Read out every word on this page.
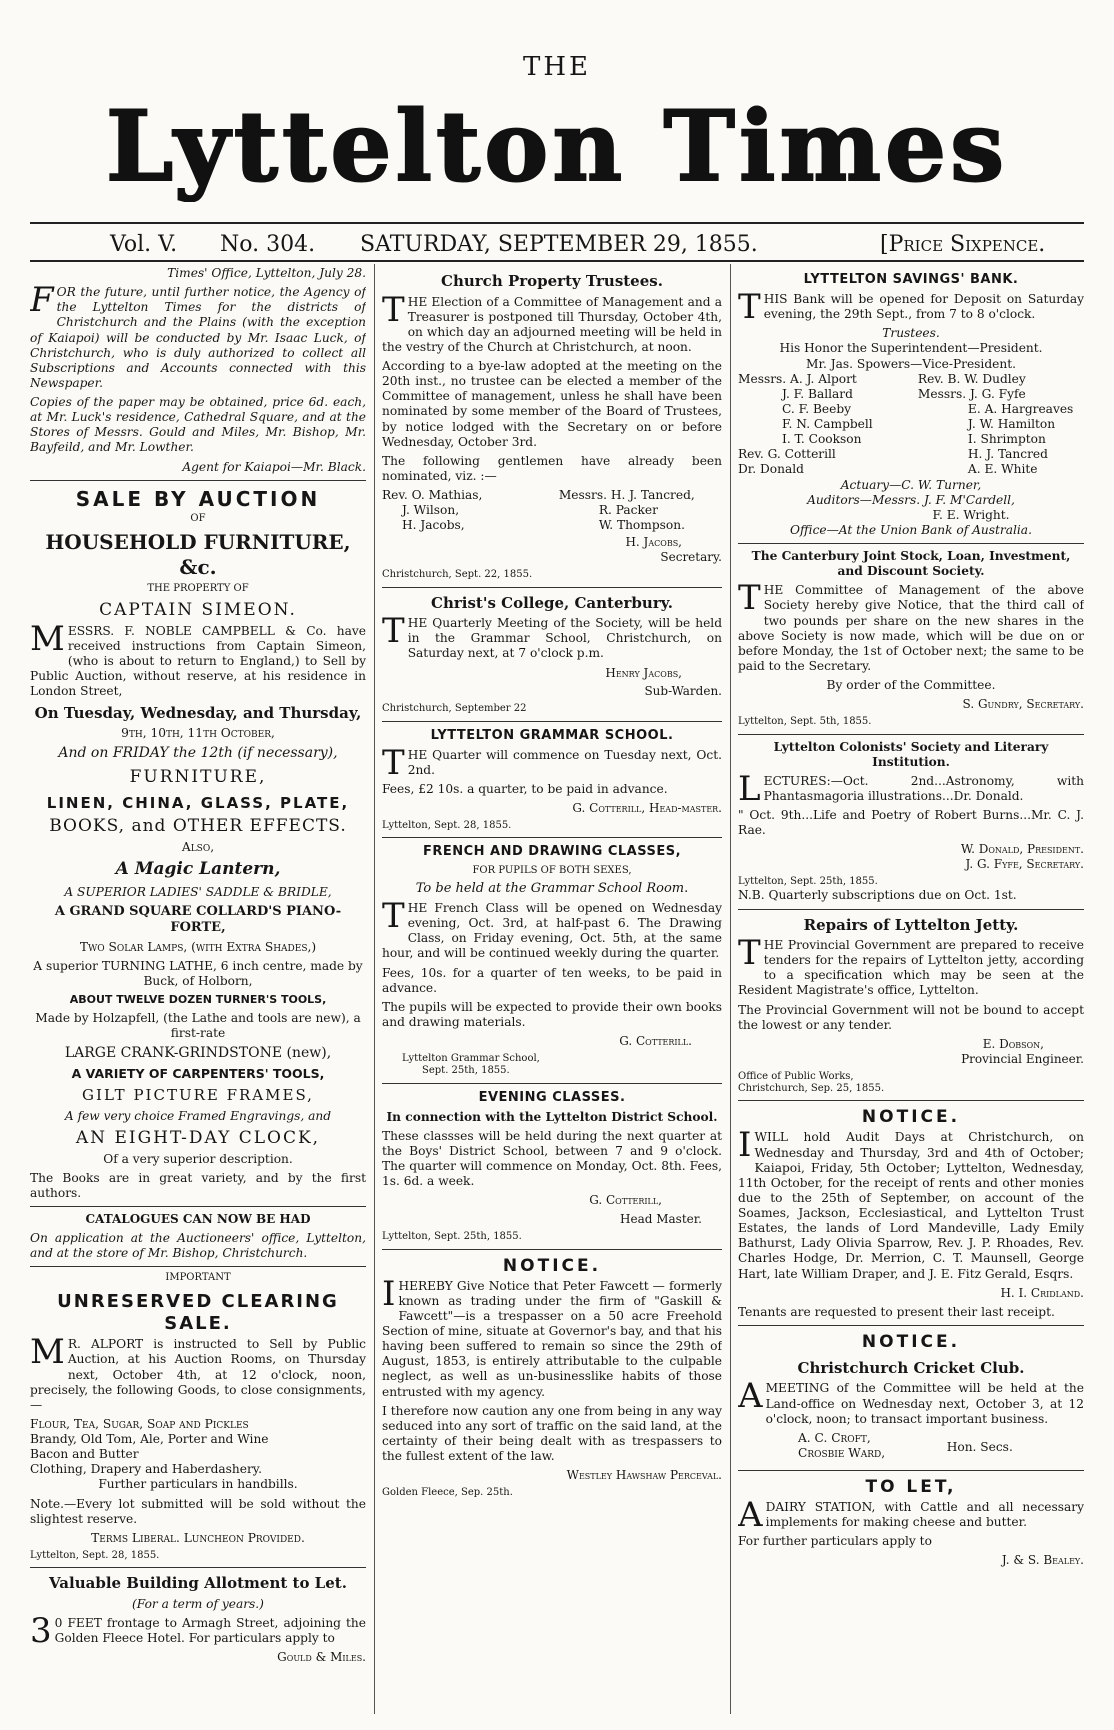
THE
Lyttelton Times
Vol. V. No. 304. SATURDAY, SEPTEMBER 29, 1855.	[Price Sixpence.

Times' Office, Lyttelton, July 28.

FOR the future, until further notice, the Agency of the Lyttelton Times for the districts of Christchurch and the Plains (with the exception of Kaiapoi) will be conducted by Mr. Isaac Luck, of Christchurch, who is duly authorized to collect all Subscriptions and Accounts connected with this Newspaper.

Copies of the paper may be obtained, price 6d. each, at Mr. Luck's residence, Cathedral Square, and at the Stores of Messrs. Gould and Miles, Mr. Bishop, Mr. Bayfeild, and Mr. Lowther.

Agent for Kaiapoi—Mr. Black.

SALE BY AUCTION

OF

HOUSEHOLD FURNITURE, &c.

THE PROPERTY OF

CAPTAIN SIMEON.

MESSRS. F. NOBLE CAMPBELL & Co. have received instructions from Captain Simeon, (who is about to return to England,) to Sell by Public Auction, without reserve, at his residence in London Street,

On Tuesday, Wednesday, and Thursday,

9th, 10th, 11th October,

And on FRIDAY the 12th (if necessary),

FURNITURE,
LINEN, CHINA, GLASS, PLATE,
BOOKS, and OTHER EFFECTS.

Also,

A Magic Lantern,

A SUPERIOR LADIES' SADDLE & BRIDLE,

A GRAND SQUARE COLLARD'S PIANO-FORTE,

Two Solar Lamps, (with Extra Shades,)

A superior TURNING LATHE, 6 inch centre, made by Buck, of Holborn,

ABOUT TWELVE DOZEN TURNER'S TOOLS,

Made by Holzapfell, (the Lathe and tools are new), a first-rate

LARGE CRANK-GRINDSTONE (new),

A VARIETY OF CARPENTERS' TOOLS,

GILT PICTURE FRAMES,

A few very choice Framed Engravings, and

AN EIGHT-DAY CLOCK,

Of a very superior description.

The Books are in great variety, and by the first authors.

CATALOGUES CAN NOW BE HAD

On application at the Auctioneers' office, Lyttelton, and at the store of Mr. Bishop, Christchurch.

IMPORTANT

UNRESERVED CLEARING SALE.

MR. ALPORT is instructed to Sell by Public Auction, at his Auction Rooms, on Thursday next, October 4th, at 12 o'clock, noon, precisely, the following Goods, to close consignments,—

Flour, Tea, Sugar, Soap and Pickles

Brandy, Old Tom, Ale, Porter and Wine

Bacon and Butter

Clothing, Drapery and Haberdashery.

Further particulars in handbills.

Note.—Every lot submitted will be sold without the slightest reserve.

Terms Liberal. Luncheon Provided.

Lyttelton, Sept. 28, 1855.

Valuable Building Allotment to Let.

(For a term of years.)

30 FEET frontage to Armagh Street, adjoining the Golden Fleece Hotel. For particulars apply to

Gould & Miles.

Church Property Trustees.

THE Election of a Committee of Management and a Treasurer is postponed till Thursday, October 4th, on which day an adjourned meeting will be held in the vestry of the Church at Christchurch, at noon.

According to a bye-law adopted at the meeting on the 20th inst., no trustee can be elected a member of the Committee of management, unless he shall have been nominated by some member of the Board of Trustees, by notice lodged with the Secretary on or before Wednesday, October 3rd.

The following gentlemen have already been nominated, viz. :—

Rev. O. Mathias,

J. Wilson,

H. Jacobs,

Messrs. H. J. Tancred,

R. Packer

W. Thompson.

H. Jacobs,

Secretary.

Christchurch, Sept. 22, 1855.

Christ's College, Canterbury.

THE Quarterly Meeting of the Society, will be held in the Grammar School, Christchurch, on Saturday next, at 7 o'clock p.m.

Henry Jacobs,

Sub-Warden.

Christchurch, September 22

LYTTELTON GRAMMAR SCHOOL.

THE Quarter will commence on Tuesday next, Oct. 2nd.

Fees, £2 10s. a quarter, to be paid in advance.

G. Cotterill, Head-master.

Lyttelton, Sept. 28, 1855.

FRENCH AND DRAWING CLASSES,

FOR PUPILS OF BOTH SEXES,

To be held at the Grammar School Room.

THE French Class will be opened on Wednesday evening, Oct. 3rd, at half-past 6. The Drawing Class, on Friday evening, Oct. 5th, at the same hour, and will be continued weekly during the quarter.

Fees, 10s. for a quarter of ten weeks, to be paid in advance.

The pupils will be expected to provide their own books and drawing materials.

G. Cotterill.

Lyttelton Grammar School,

Sept. 25th, 1855.

EVENING CLASSES.

In connection with the Lyttelton District School.

These classses will be held during the next quarter at the Boys' District School, between 7 and 9 o'clock. The quarter will commence on Monday, Oct. 8th. Fees, 1s. 6d. a week.

G. Cotterill,

Head Master.

Lyttelton, Sept. 25th, 1855.

NOTICE.

IHEREBY Give Notice that Peter Fawcett — formerly known as trading under the firm of "Gaskill & Fawcett"—is a trespasser on a 50 acre Freehold Section of mine, situate at Governor's bay, and that his having been suffered to remain so since the 29th of August, 1853, is entirely attributable to the culpable neglect, as well as un-businesslike habits of those entrusted with my agency.

I therefore now caution any one from being in any way seduced into any sort of traffic on the said land, at the certainty of their being dealt with as trespassers to the fullest extent of the law.

Westley Hawshaw Perceval.

Golden Fleece, Sep. 25th.

LYTTELTON SAVINGS' BANK.

THIS Bank will be opened for Deposit on Saturday evening, the 29th Sept., from 7 to 8 o'clock.

Trustees.

His Honor the Superintendent—President.

Mr. Jas. Spowers—Vice-President.

Messrs. A. J. Alport

J. F. Ballard

C. F. Beeby

F. N. Campbell

I. T. Cookson

Rev. G. Cotterill

Dr. Donald

Rev. B. W. Dudley

Messrs. J. G. Fyfe

E. A. Hargreaves

J. W. Hamilton

I. Shrimpton

H. J. Tancred

A. E. White

Actuary—C. W. Turner,

Auditors—Messrs. J. F. M'Cardell,

F. E. Wright.

Office—At the Union Bank of Australia.

The Canterbury Joint Stock, Loan, Investment, and Discount Society.

THE Committee of Management of the above Society hereby give Notice, that the third call of two pounds per share on the new shares in the above Society is now made, which will be due on or before Monday, the 1st of October next; the same to be paid to the Secretary.

By order of the Committee.

S. Gundry, Secretary.

Lyttelton, Sept. 5th, 1855.

Lyttelton Colonists' Society and Literary Institution.

LECTURES:—Oct. 2nd...Astronomy, with Phantasmagoria illustrations...Dr. Donald.

" Oct. 9th...Life and Poetry of Robert Burns...Mr. C. J. Rae.

W. Donald, President.

J. G. Fyfe, Secretary.

Lyttelton, Sept. 25th, 1855.

N.B. Quarterly subscriptions due on Oct. 1st.

Repairs of Lyttelton Jetty.

THE Provincial Government are prepared to receive tenders for the repairs of Lyttelton jetty, according to a specification which may be seen at the Resident Magistrate's office, Lyttelton.

The Provincial Government will not be bound to accept the lowest or any tender.

E. Dobson,

Provincial Engineer.

Office of Public Works,

Christchurch, Sep. 25, 1855.

NOTICE.

IWILL hold Audit Days at Christchurch, on Wednesday and Thursday, 3rd and 4th of October; Kaiapoi, Friday, 5th October; Lyttelton, Wednesday, 11th October, for the receipt of rents and other monies due to the 25th of September, on account of the Soames, Jackson, Ecclesiastical, and Lyttelton Trust Estates, the lands of Lord Mandeville, Lady Emily Bathurst, Lady Olivia Sparrow, Rev. J. P. Rhoades, Rev. Charles Hodge, Dr. Merrion, C. T. Maunsell, George Hart, late William Draper, and J. E. Fitz Gerald, Esqrs.

H. I. Cridland.

Tenants are requested to present their last receipt.

NOTICE.
Christchurch Cricket Club.

AMEETING of the Committee will be held at the Land-office on Wednesday next, October 3, at 12 o'clock, noon; to transact important business.

A. C. Croft,

Crosbie Ward,	Hon. Secs.

TO LET,

ADAIRY STATION, with Cattle and all necessary implements for making cheese and butter.

For further particulars apply to

J. & S. Bealey.
